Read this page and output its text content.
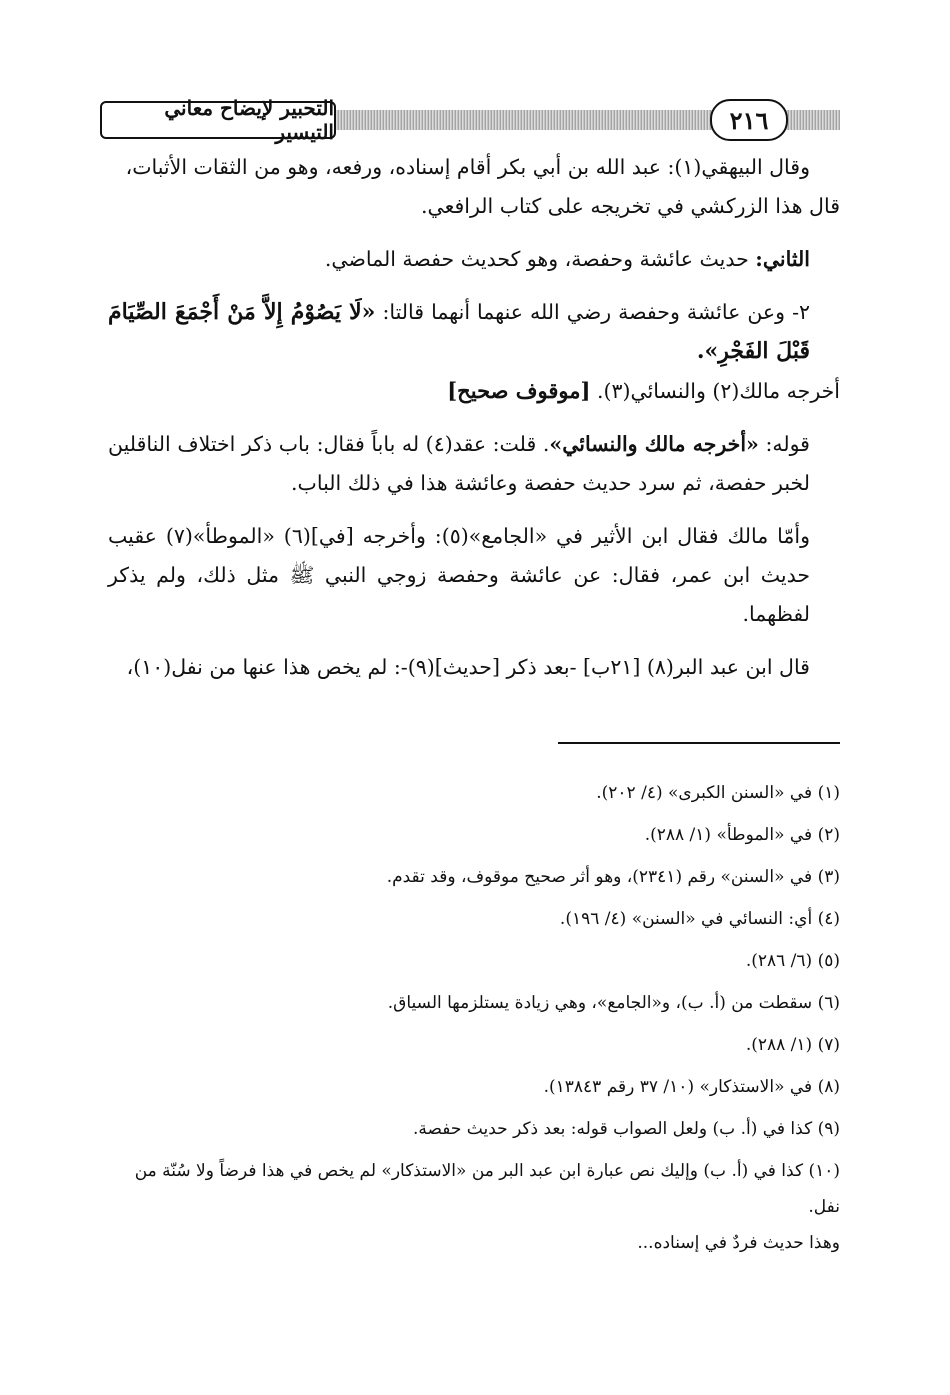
التحبير لإيضاح معاني التيسير	٢١٦

وقال البيهقي(١): عبد الله بن أبي بكر أقام إسناده، ورفعه، وهو من الثقات الأثبات،

قال هذا الزركشي في تخريجه على كتاب الرافعي.

الثاني: حديث عائشة وحفصة، وهو كحديث حفصة الماضي.

٢- وعن عائشة وحفصة رضي الله عنهما أنهما قالتا: «لَا يَصُوْمُ إِلاَّ مَنْ أَجْمَعَ الصِّيَامَ قَبْلَ الفَجْرِ».

أخرجه مالك(٢) والنسائي(٣). [موقوف صحيح]

قوله: «أخرجه مالك والنسائي». قلت: عقد(٤) له باباً فقال: باب ذكر اختلاف الناقلين لخبر حفصة، ثم سرد حديث حفصة وعائشة هذا في ذلك الباب.

وأمّا مالك فقال ابن الأثير في «الجامع»(٥): وأخرجه [في](٦) «الموطأ»(٧) عقيب حديث ابن عمر، فقال: عن عائشة وحفصة زوجي النبي ﷺ مثل ذلك، ولم يذكر لفظهما.

قال ابن عبد البر(٨) [٢١ب] -بعد ذكر [حديث](٩)-: لم يخص هذا عنها من نفل(١٠)،

(١) في «السنن الكبرى» (٤/ ٢٠٢).

(٢) في «الموطأ» (١/ ٢٨٨).

(٣) في «السنن» رقم (٢٣٤١)، وهو أثر صحيح موقوف، وقد تقدم.

(٤) أي: النسائي في «السنن» (٤/ ١٩٦).

(٥) (٦/ ٢٨٦).

(٦) سقطت من (أ. ب)، و«الجامع»، وهي زيادة يستلزمها السياق.

(٧) (١/ ٢٨٨).

(٨) في «الاستذكار» (١٠/ ٣٧ رقم ١٣٨٤٣).

(٩) كذا في (أ. ب) ولعل الصواب قوله: بعد ذكر حديث حفصة.

(١٠) كذا في (أ. ب) وإليك نص عبارة ابن عبد البر من «الاستذكار» لم يخص في هذا فرضاً ولا سُنّة من نفل.

وهذا حديث فردٌ في إسناده...
